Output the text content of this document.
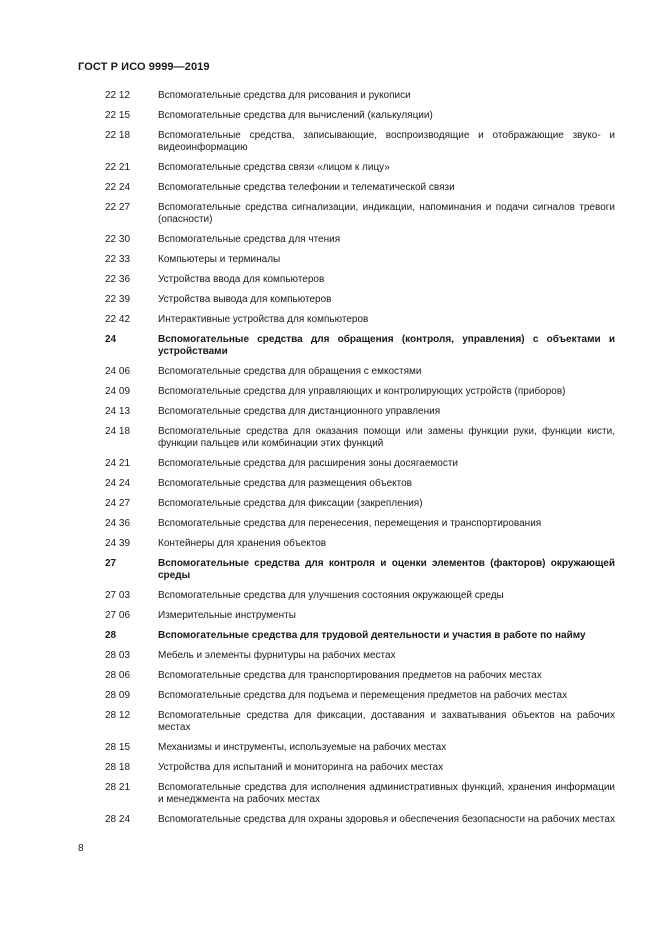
ГОСТ Р ИСО 9999—2019
22 12	Вспомогательные средства для рисования и рукописи
22 15	Вспомогательные средства для вычислений (калькуляции)
22 18	Вспомогательные средства, записывающие, воспроизводящие и отображающие звуко- и видеоинформацию
22 21	Вспомогательные средства связи «лицом к лицу»
22 24	Вспомогательные средства телефонии и телематической связи
22 27	Вспомогательные средства сигнализации, индикации, напоминания и подачи сигналов тревоги (опасности)
22 30	Вспомогательные средства для чтения
22 33	Компьютеры и терминалы
22 36	Устройства ввода для компьютеров
22 39	Устройства вывода для компьютеров
22 42	Интерактивные устройства для компьютеров
24	Вспомогательные средства для обращения (контроля, управления) с объектами и устройствами
24 06	Вспомогательные средства для обращения с емкостями
24 09	Вспомогательные средства для управляющих и контролирующих устройств (приборов)
24 13	Вспомогательные средства для дистанционного управления
24 18	Вспомогательные средства для оказания помощи или замены функции руки, функции кисти, функции пальцев или комбинации этих функций
24 21	Вспомогательные средства для расширения зоны досягаемости
24 24	Вспомогательные средства для размещения объектов
24 27	Вспомогательные средства для фиксации (закрепления)
24 36	Вспомогательные средства для перенесения, перемещения и транспортирования
24 39	Контейнеры для хранения объектов
27	Вспомогательные средства для контроля и оценки элементов (факторов) окружающей среды
27 03	Вспомогательные средства для улучшения состояния окружающей среды
27 06	Измерительные инструменты
28	Вспомогательные средства для трудовой деятельности и участия в работе по найму
28 03	Мебель и элементы фурнитуры на рабочих местах
28 06	Вспомогательные средства для транспортирования предметов на рабочих местах
28 09	Вспомогательные средства для подъема и перемещения предметов на рабочих местах
28 12	Вспомогательные средства для фиксации, доставания и захватывания объектов на рабочих местах
28 15	Механизмы и инструменты, используемые на рабочих местах
28 18	Устройства для испытаний и мониторинга на рабочих местах
28 21	Вспомогательные средства для исполнения административных функций, хранения информации и менеджмента на рабочих местах
28 24	Вспомогательные средства для охраны здоровья и обеспечения безопасности на рабочих местах
8
